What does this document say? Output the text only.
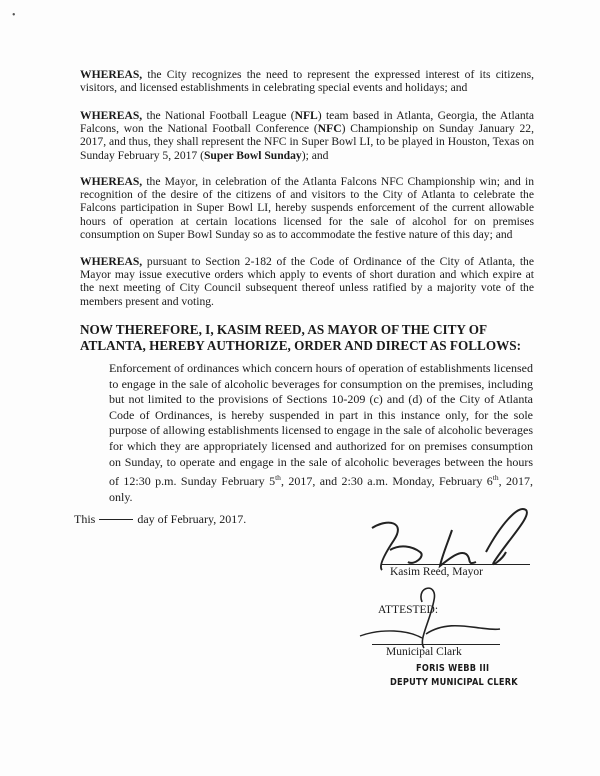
•

WHEREAS, the City recognizes the need to represent the expressed interest of its citizens, visitors, and licensed establishments in celebrating special events and holidays; and

WHEREAS, the National Football League (NFL) team based in Atlanta, Georgia, the Atlanta Falcons, won the National Football Conference (NFC) Championship on Sunday January 22, 2017, and thus, they shall represent the NFC in Super Bowl LI, to be played in Houston, Texas on Sunday February 5, 2017 (Super Bowl Sunday); and

WHEREAS, the Mayor, in celebration of the Atlanta Falcons NFC Championship win; and in recognition of the desire of the citizens of and visitors to the City of Atlanta to celebrate the Falcons participation in Super Bowl LI, hereby suspends enforcement of the current allowable hours of operation at certain locations licensed for the sale of alcohol for on premises consumption on Super Bowl Sunday so as to accommodate the festive nature of this day; and

WHEREAS, pursuant to Section 2-182 of the Code of Ordinance of the City of Atlanta, the Mayor may issue executive orders which apply to events of short duration and which expire at the next meeting of City Council subsequent thereof unless ratified by a majority vote of the members present and voting.

NOW THEREFORE, I, KASIM REED, AS MAYOR OF THE CITY OF ATLANTA, HEREBY AUTHORIZE, ORDER AND DIRECT AS FOLLOWS:

Enforcement of ordinances which concern hours of operation of establishments licensed to engage in the sale of alcoholic beverages for consumption on the premises, including but not limited to the provisions of Sections 10-209 (c) and (d) of the City of Atlanta Code of Ordinances, is hereby suspended in part in this instance only, for the sole purpose of allowing establishments licensed to engage in the sale of alcoholic beverages for which they are appropriately licensed and authorized for on premises consumption on Sunday, to operate and engage in the sale of alcoholic beverages between the hours of 12:30 p.m. Sunday February 5th, 2017, and 2:30 a.m. Monday, February 6th, 2017, only.

This	day of February, 2017.
Kasim Reed, Mayor
ATTESTED:
Municipal Clark
FORIS WEBB III
DEPUTY MUNICIPAL CLERK
